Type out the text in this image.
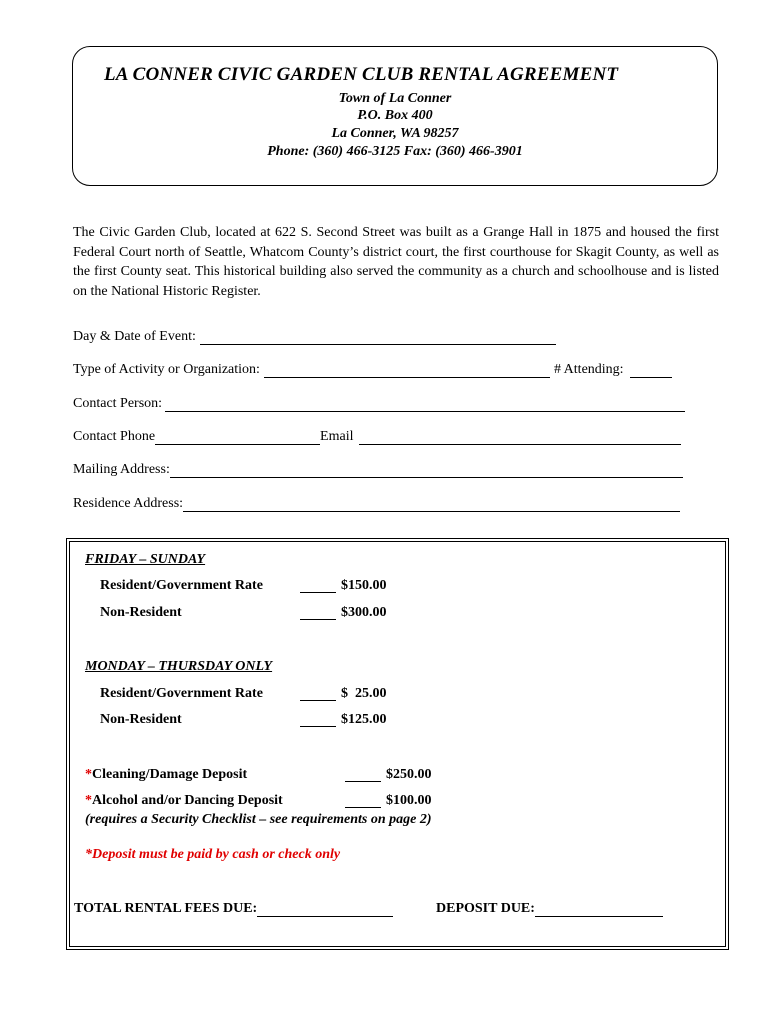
LA CONNER CIVIC GARDEN CLUB RENTAL AGREEMENT
Town of La Conner
P.O. Box 400
La Conner, WA 98257
Phone: (360) 466-3125 Fax: (360) 466-3901
The Civic Garden Club, located at 622 S. Second Street was built as a Grange Hall in 1875 and housed the first Federal Court north of Seattle, Whatcom County’s district court, the first courthouse for Skagit County, as well as the first County seat. This historical building also served the community as a church and schoolhouse and is listed on the National Historic Register.
Day & Date of Event:
Type of Activity or Organization:	# Attending:
Contact Person:
Contact Phone	Email
Mailing Address:
Residence Address:
FRIDAY – SUNDAY
Resident/Government Rate	$150.00
Non-Resident	$300.00
MONDAY – THURSDAY ONLY
Resident/Government Rate	$  25.00
Non-Resident	$125.00
*Cleaning/Damage Deposit	$250.00
*Alcohol and/or Dancing Deposit	$100.00
(requires a Security Checklist – see requirements on page 2)
*Deposit must be paid by cash or check only
TOTAL RENTAL FEES DUE:	DEPOSIT DUE:
